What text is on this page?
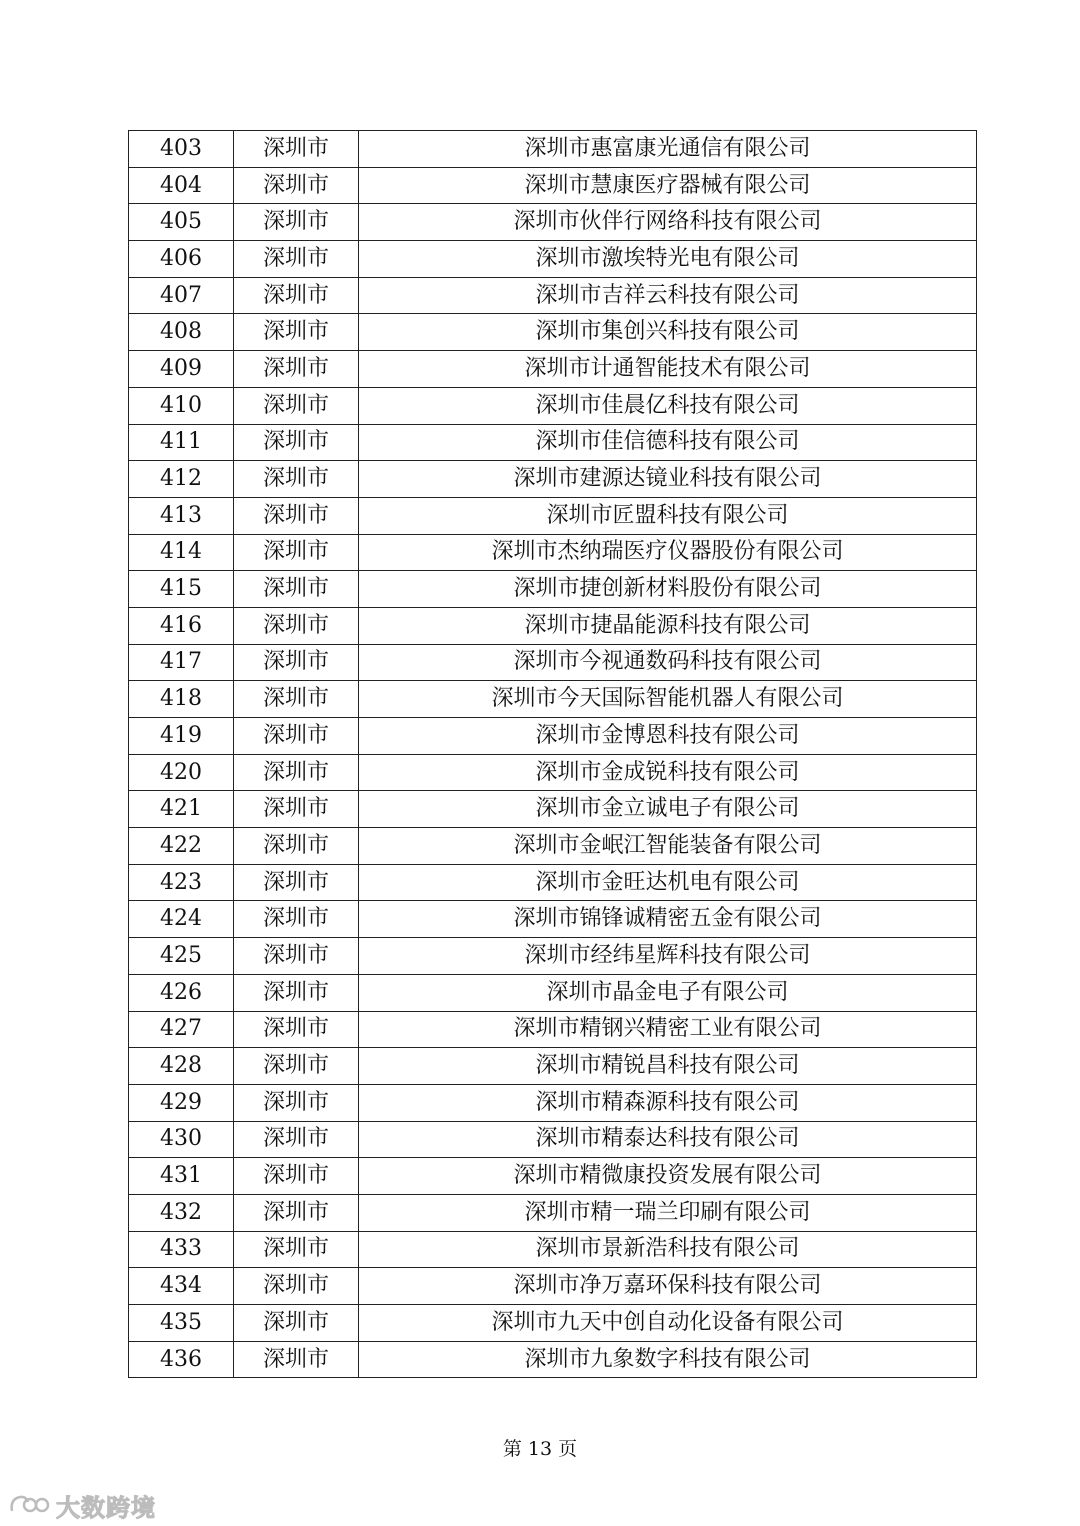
403	深圳市	深圳市惠富康光通信有限公司
404	深圳市	深圳市慧康医疗器械有限公司
405	深圳市	深圳市伙伴行网络科技有限公司
406	深圳市	深圳市激埃特光电有限公司
407	深圳市	深圳市吉祥云科技有限公司
408	深圳市	深圳市集创兴科技有限公司
409	深圳市	深圳市计通智能技术有限公司
410	深圳市	深圳市佳晨亿科技有限公司
411	深圳市	深圳市佳信德科技有限公司
412	深圳市	深圳市建源达镜业科技有限公司
413	深圳市	深圳市匠盟科技有限公司
414	深圳市	深圳市杰纳瑞医疗仪器股份有限公司
415	深圳市	深圳市捷创新材料股份有限公司
416	深圳市	深圳市捷晶能源科技有限公司
417	深圳市	深圳市今视通数码科技有限公司
418	深圳市	深圳市今天国际智能机器人有限公司
419	深圳市	深圳市金博恩科技有限公司
420	深圳市	深圳市金成锐科技有限公司
421	深圳市	深圳市金立诚电子有限公司
422	深圳市	深圳市金岷江智能装备有限公司
423	深圳市	深圳市金旺达机电有限公司
424	深圳市	深圳市锦锋诚精密五金有限公司
425	深圳市	深圳市经纬星辉科技有限公司
426	深圳市	深圳市晶金电子有限公司
427	深圳市	深圳市精钢兴精密工业有限公司
428	深圳市	深圳市精锐昌科技有限公司
429	深圳市	深圳市精森源科技有限公司
430	深圳市	深圳市精泰达科技有限公司
431	深圳市	深圳市精微康投资发展有限公司
432	深圳市	深圳市精一瑞兰印刷有限公司
433	深圳市	深圳市景新浩科技有限公司
434	深圳市	深圳市净万嘉环保科技有限公司
435	深圳市	深圳市九天中创自动化设备有限公司
436	深圳市	深圳市九象数字科技有限公司
第 13 页
大数跨境
